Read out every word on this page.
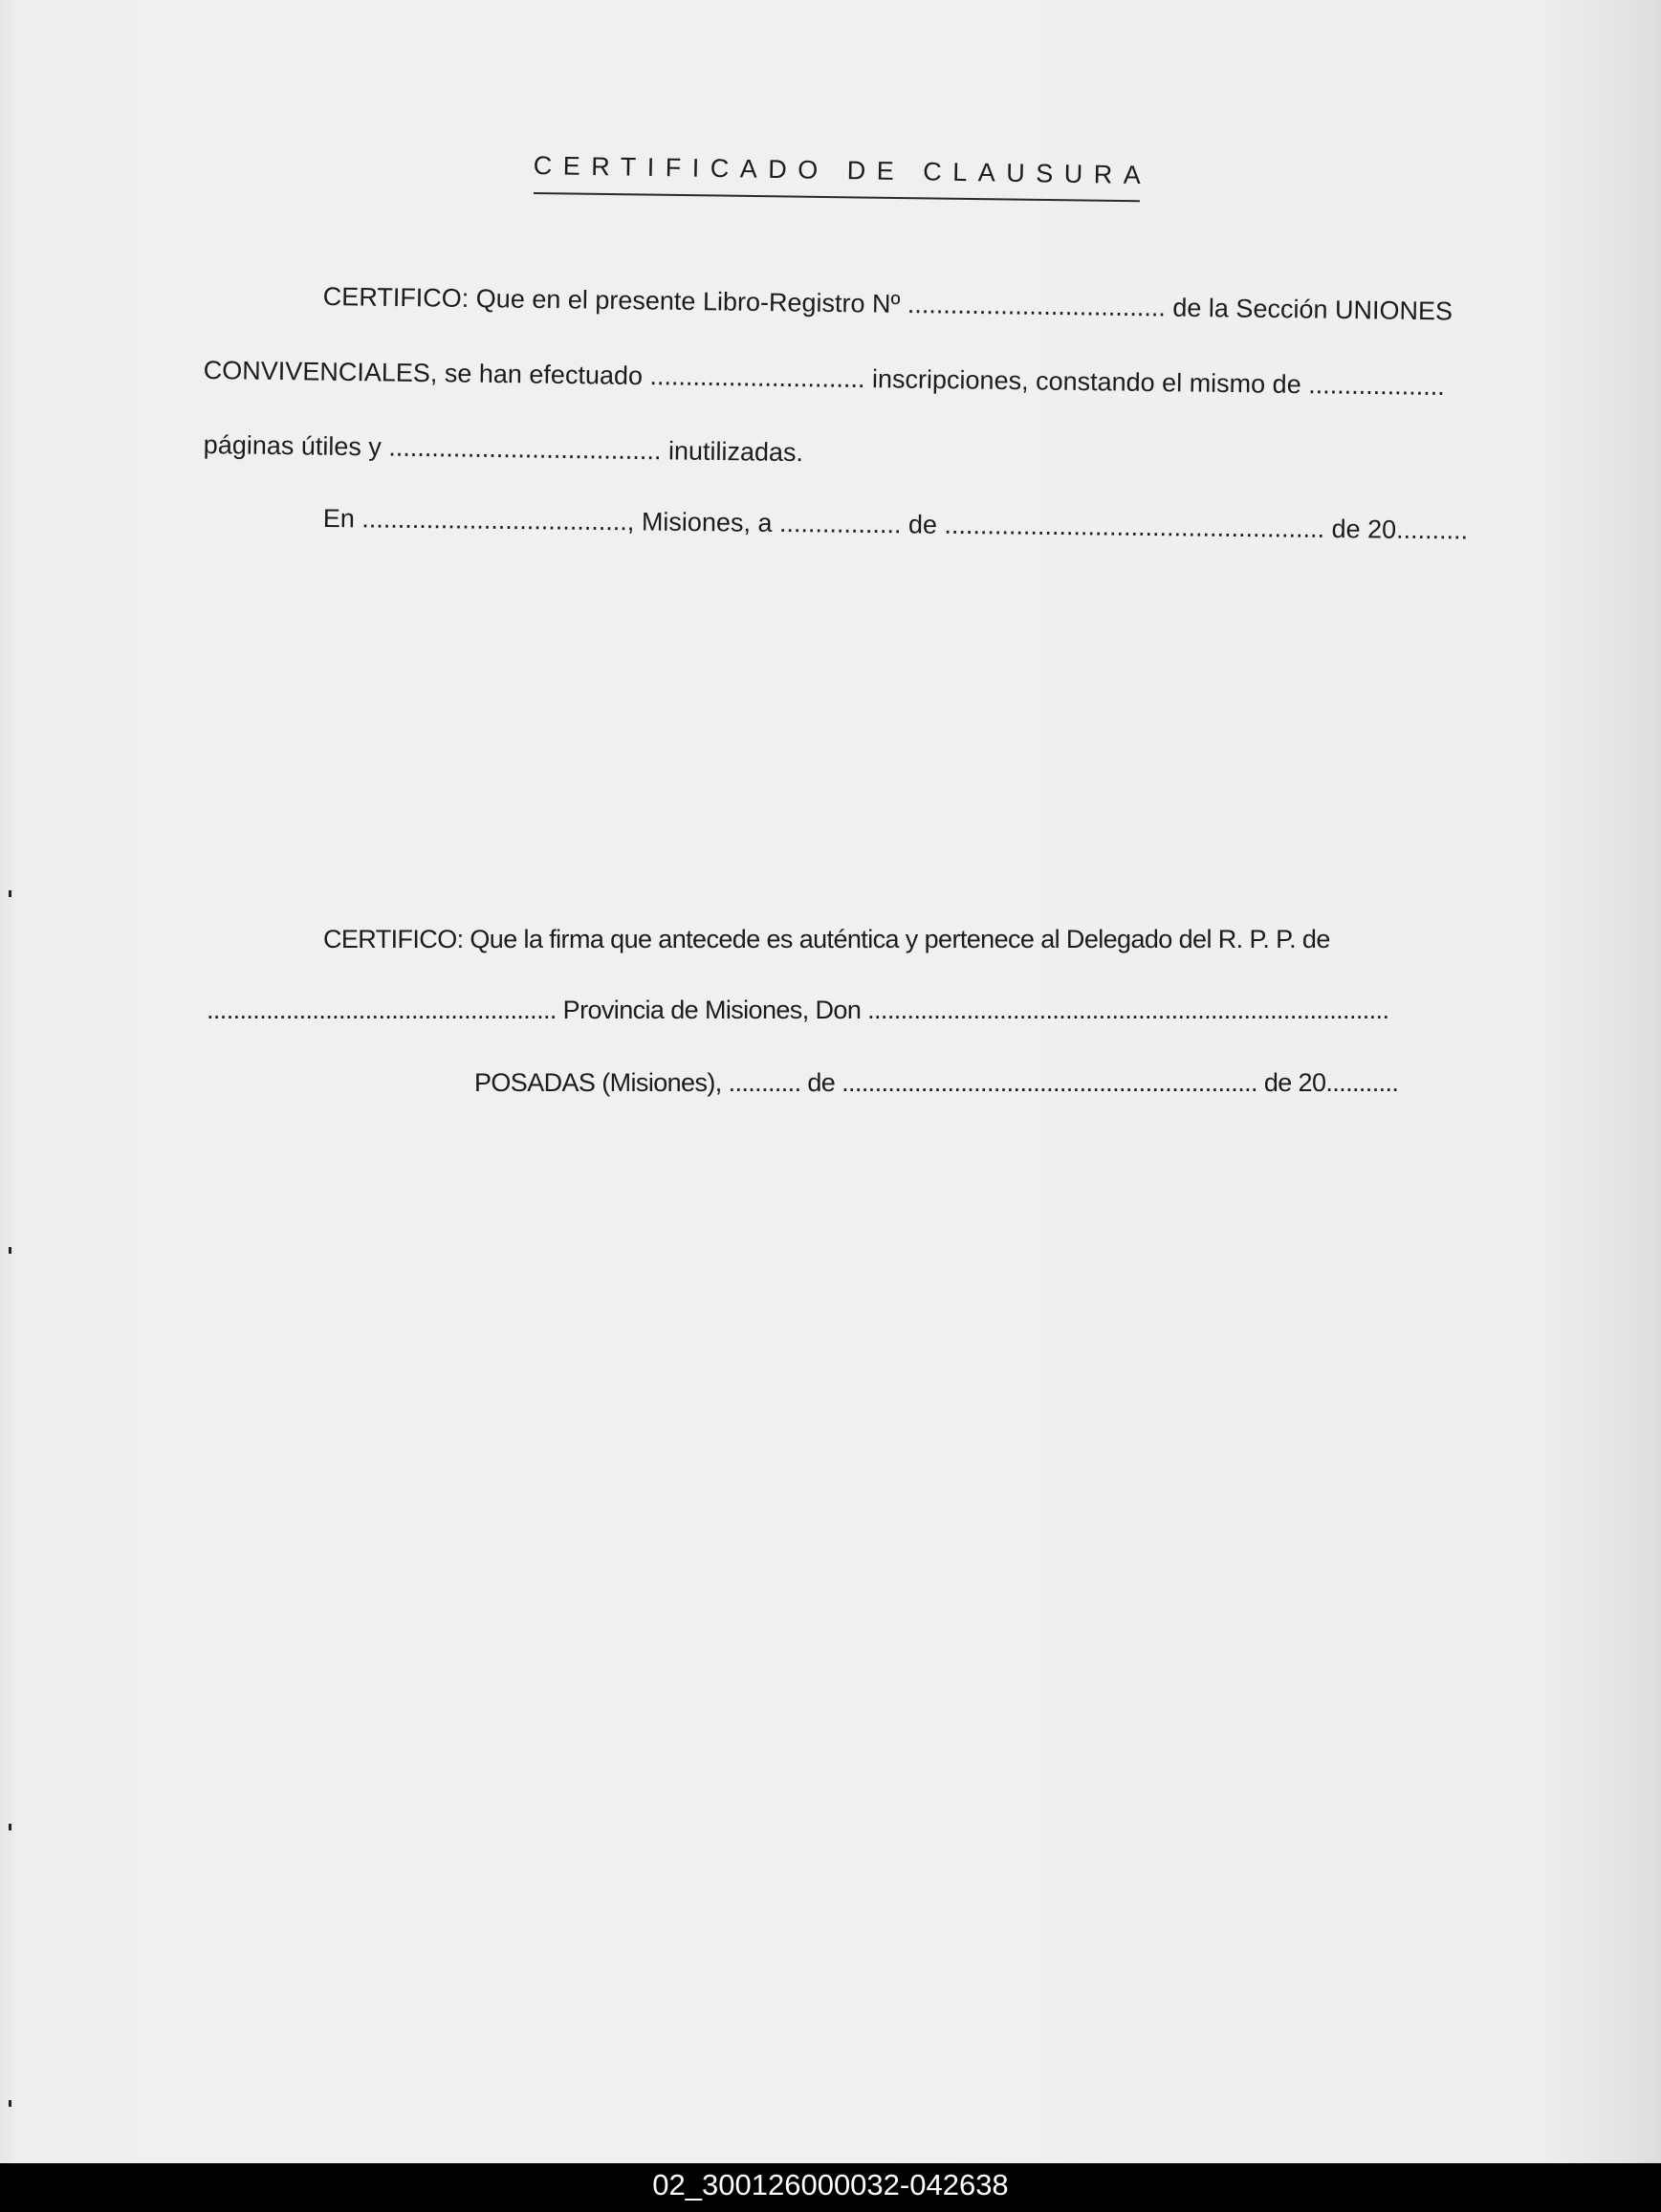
CERTIFICADO DE CLAUSURA
CERTIFICO: Que en el presente Libro-Registro Nº .................................... de la Sección UNIONES
CONVIVENCIALES, se han efectuado .............................. inscripciones, constando el mismo de ...................
páginas útiles y ...................................... inutilizadas.
En ....................................., Misiones, a ................. de ..................................................... de 20..........
CERTIFICO: Que la firma que antecede es auténtica y pertenece al Delegado del R. P. P. de
..................................................... Provincia de Misiones, Don ...............................................................................
POSADAS (Misiones), ........... de ............................................................... de 20...........
02_300126000032-042638
